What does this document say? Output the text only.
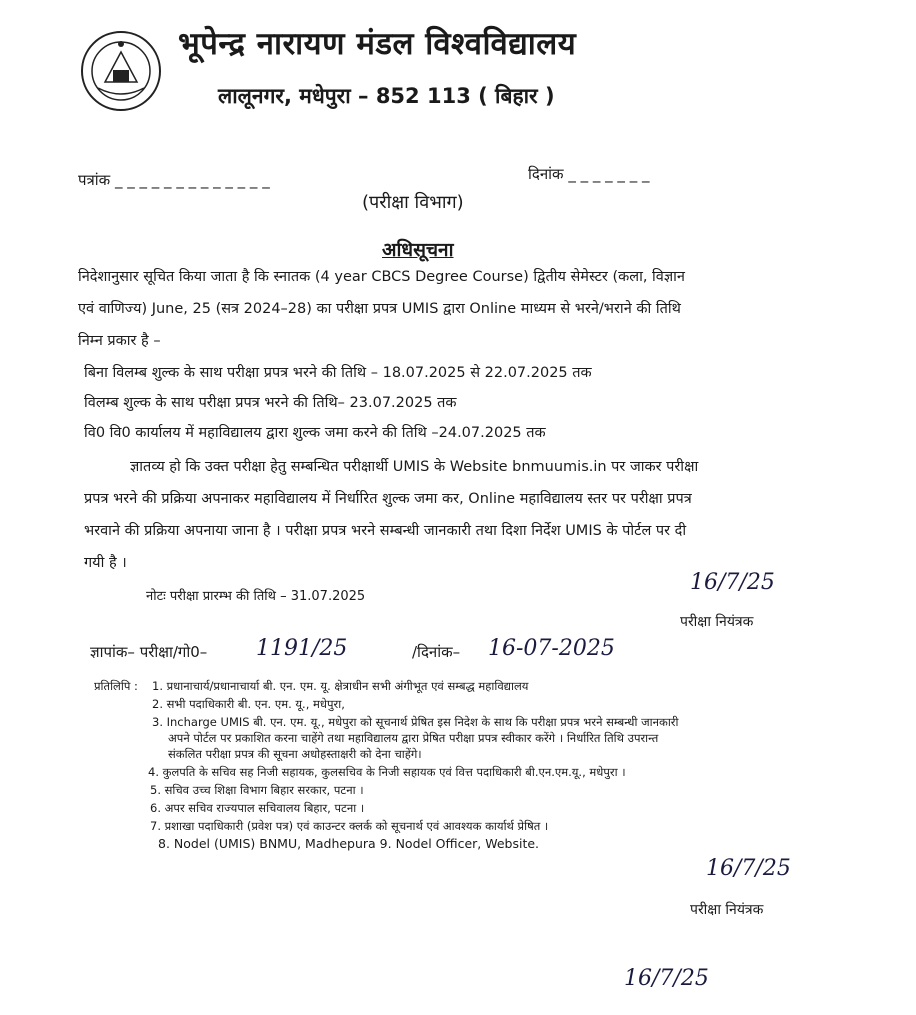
भूपेन्द्र नारायण मंडल विश्वविद्यालय
लालूनगर, मधेपुरा – 852 113 ( बिहार )
पत्रांक _ _ _ _ _ _ _ _ _ _ _ _ _	दिनांक _ _ _ _ _ _ _
(परीक्षा विभाग)
अधिसूचना
निदेशानुसार सूचित किया जाता है कि स्नातक (4 year CBCS Degree Course) द्वितीय सेमेस्टर (कला, विज्ञान
एवं वाणिज्य) June, 25 (सत्र 2024–28) का परीक्षा प्रपत्र UMIS द्वारा Online माध्यम से भरने/भराने की तिथि
निम्न प्रकार है –
बिना विलम्ब शुल्क के साथ परीक्षा प्रपत्र भरने की तिथि – 18.07.2025 से 22.07.2025 तक
विलम्ब शुल्क के साथ परीक्षा प्रपत्र भरने की तिथि– 23.07.2025 तक
वि0 वि0 कार्यालय में महाविद्यालय द्वारा शुल्क जमा करने की तिथि –24.07.2025 तक
ज्ञातव्य हो कि उक्त परीक्षा हेतु सम्बन्धित परीक्षार्थी UMIS के Website bnmuumis.in पर जाकर परीक्षा
प्रपत्र भरने की प्रक्रिया अपनाकर महाविद्यालय में निर्धारित शुल्क जमा कर, Online महाविद्यालय स्तर पर परीक्षा प्रपत्र
भरवाने की प्रक्रिया अपनाया जाना है । परीक्षा प्रपत्र भरने सम्बन्धी जानकारी तथा दिशा निर्देश UMIS के पोर्टल पर दी
गयी है ।
नोटः परीक्षा प्रारम्भ की तिथि – 31.07.2025
16/7/25
परीक्षा नियंत्रक
ज्ञापांक– परीक्षा/गो0– 1191/25	/दिनांक– 16-07-2025
प्रतिलिपि : 1. प्रधानाचार्य/प्रधानाचार्या बी. एन. एम. यू. क्षेत्राधीन सभी अंगीभूत एवं सम्बद्ध महाविद्यालय
2. सभी पदाधिकारी बी. एन. एम. यू., मधेपुरा,
3. Incharge UMIS बी. एन. एम. यू., मधेपुरा को सूचनार्थ प्रेषित इस निदेश के साथ कि परीक्षा प्रपत्र भरने सम्बन्धी जानकारी
अपने पोर्टल पर प्रकाशित करना चाहेंगे तथा महाविद्यालय द्वारा प्रेषित परीक्षा प्रपत्र स्वीकार करेंगे । निर्धारित तिथि उपरान्त
संकलित परीक्षा प्रपत्र की सूचना अधोहस्ताक्षरी को देना चाहेंगे।
4. कुलपति के सचिव सह निजी सहायक, कुलसचिव के निजी सहायक एवं वित्त पदाधिकारी बी.एन.एम.यू., मधेपुरा ।
5. सचिव उच्च शिक्षा विभाग बिहार सरकार, पटना ।
6. अपर सचिव राज्यपाल सचिवालय बिहार, पटना ।
7. प्रशाखा पदाधिकारी (प्रवेश पत्र) एवं काउन्टर क्लर्क को सूचनार्थ एवं आवश्यक कार्यार्थ प्रेषित ।
8. Nodel (UMIS) BNMU, Madhepura 9. Nodel Officer, Website.
16/7/25
परीक्षा नियंत्रक
16/7/25
